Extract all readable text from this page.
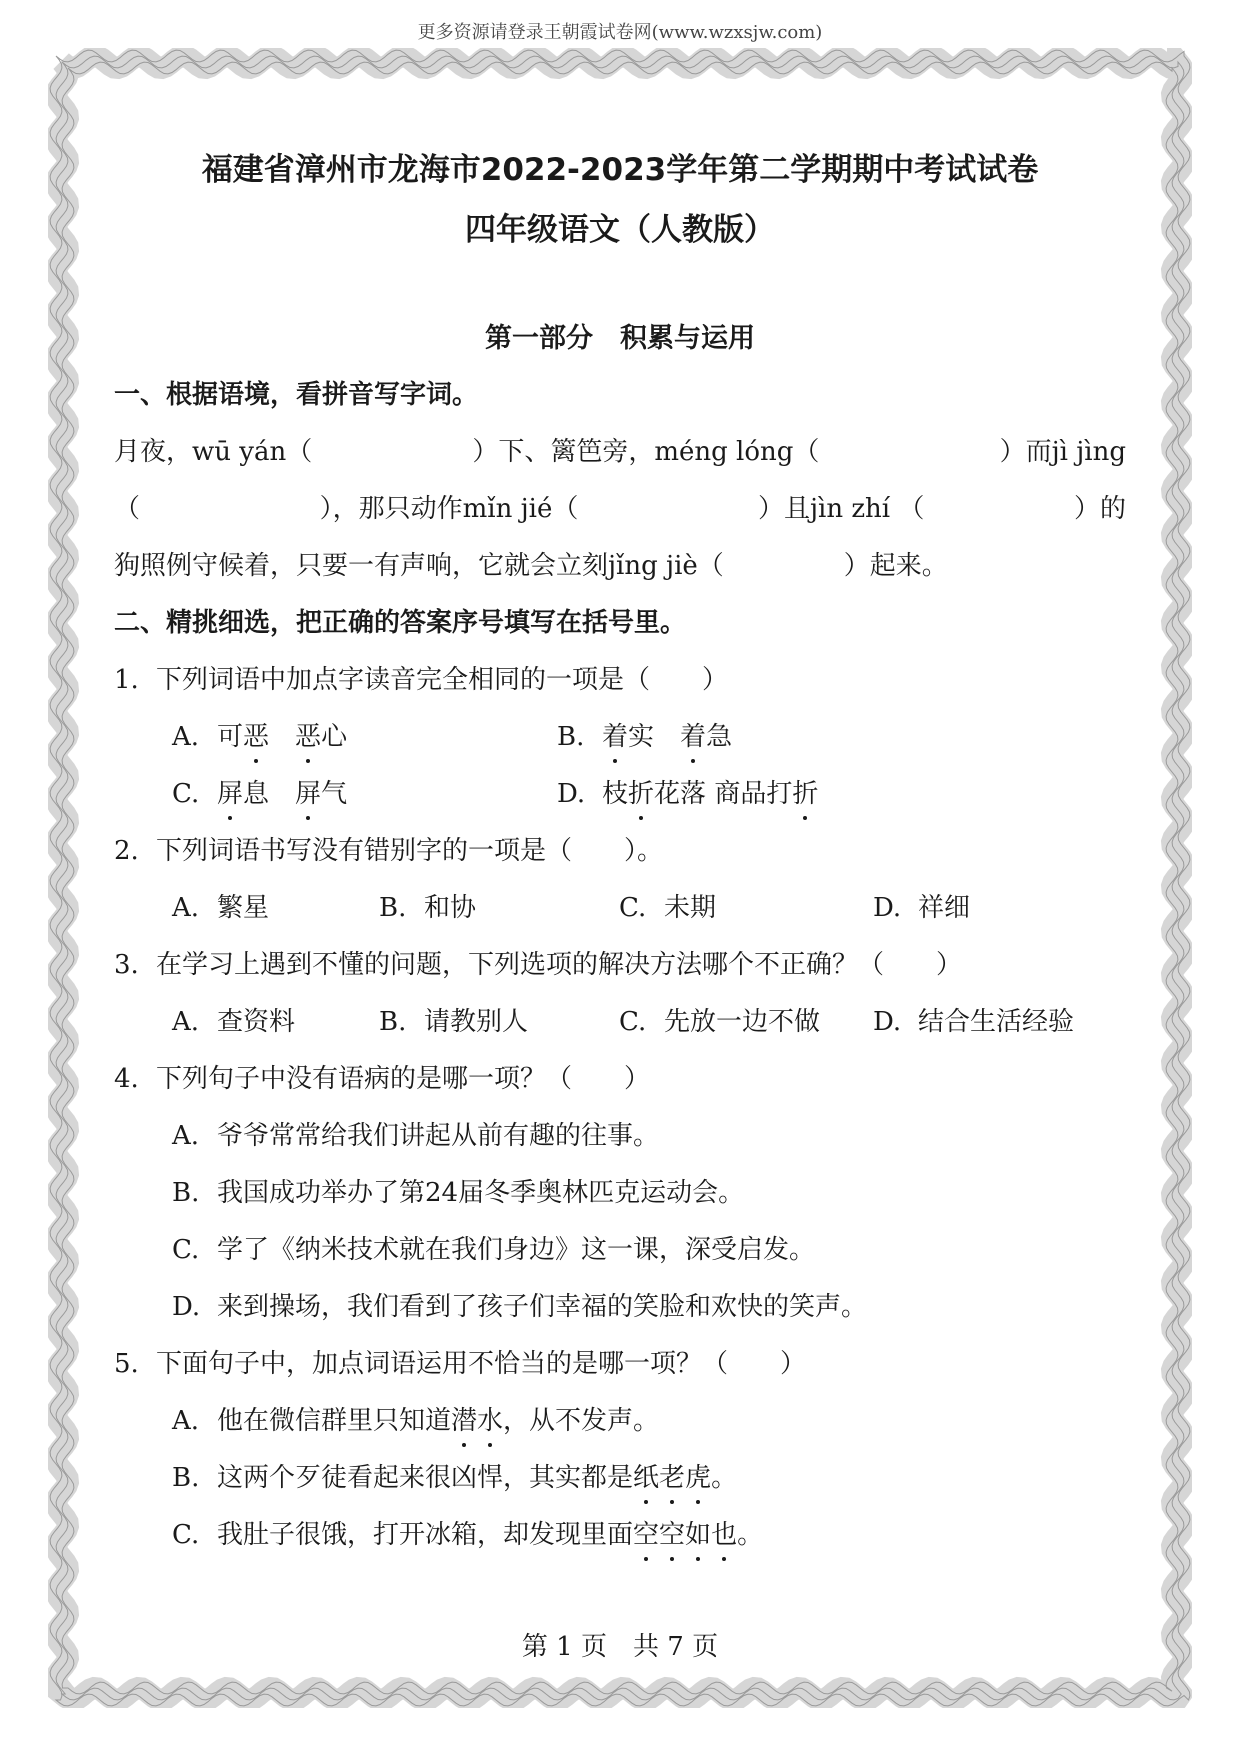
更多资源请登录王朝霞试卷网(www.wzxsjw.com)
福建省漳州市龙海市2022-2023学年第二学期期中考试试卷
四年级语文（人教版）
第一部分　积累与运用
一、根据语境，看拼音写字词。
月夜，wū yán（	）下、篱笆旁，méng lóng（	）而jì jìng
（	），那只动作mǐn jié（	）且jìn zhí （	）的
狗照例守候着，只要一有声响，它就会立刻jǐng jiè（	）起来。
二、精挑细选，把正确的答案序号填写在括号里。
1. 下列词语中加点字读音完全相同的一项是（　　）
A. 可恶　 恶心	B. 着实　 着急
C. 屏息　 屏气	D. 枝折花落 商品打折
2. 下列词语书写没有错别字的一项是（　　）。
A. 繁星	B. 和协	C. 未期	D. 祥细
3. 在学习上遇到不懂的问题，下列选项的解决方法哪个不正确？（　　）
A. 查资料	B. 请教别人	C. 先放一边不做 D. 结合生活经验
4. 下列句子中没有语病的是哪一项？（　　）
A. 爷爷常常给我们讲起从前有趣的往事。
B. 我国成功举办了第24届冬季奥林匹克运动会。
C. 学了《纳米技术就在我们身边》这一课，深受启发。
D. 来到操场，我们看到了孩子们幸福的笑脸和欢快的笑声。
5. 下面句子中，加点词语运用不恰当的是哪一项？（　　）
A. 他在微信群里只知道潜水，从不发声。
B. 这两个歹徒看起来很凶悍，其实都是纸老虎。
C. 我肚子很饿，打开冰箱，却发现里面空空如也。
第 1 页　共 7 页
